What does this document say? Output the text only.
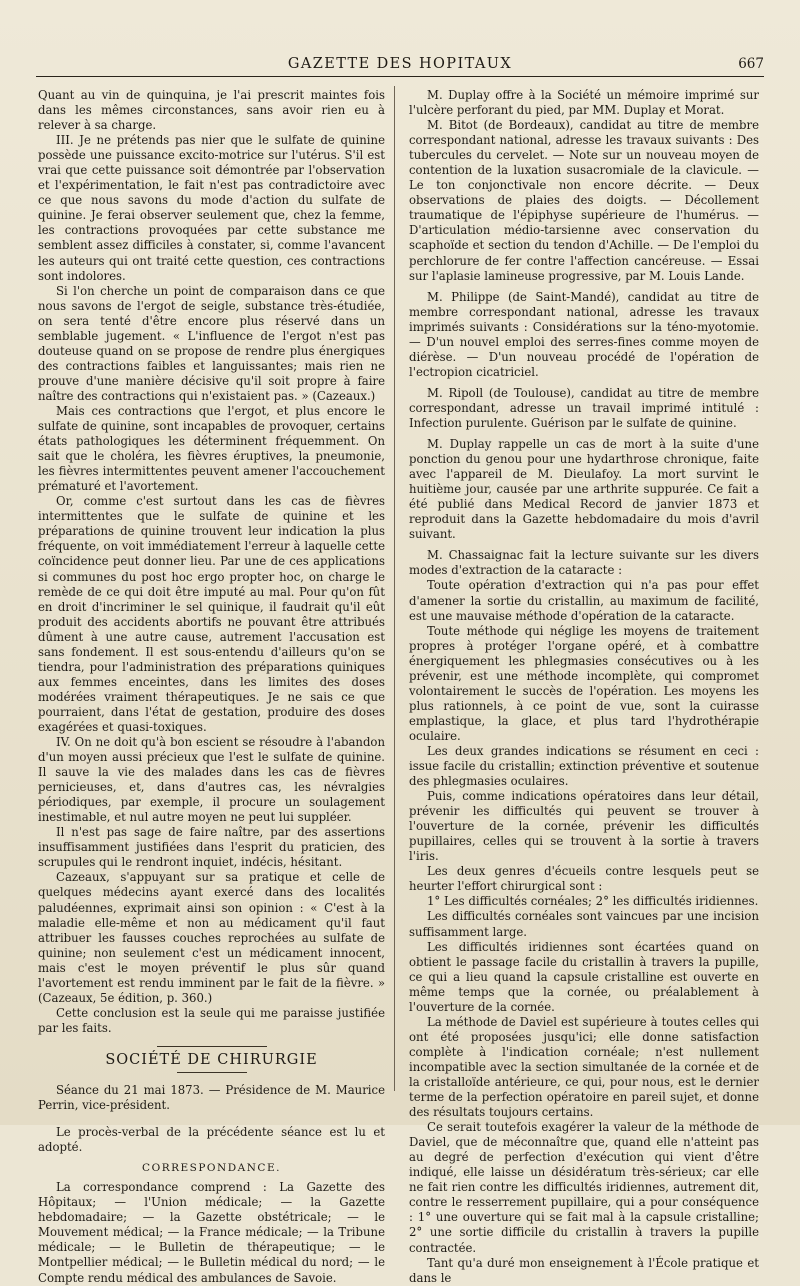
GAZETTE DES HOPITAUX	667

Quant au vin de quinquina, je l'ai prescrit maintes fois dans les mêmes circonstances, sans avoir rien eu à relever à sa charge.

III. Je ne prétends pas nier que le sulfate de quinine possède une puissance excito-motrice sur l'utérus. S'il est vrai que cette puissance soit démontrée par l'observation et l'expérimentation, le fait n'est pas contradictoire avec ce que nous savons du mode d'action du sulfate de quinine. Je ferai observer seulement que, chez la femme, les contractions provoquées par cette substance me semblent assez difficiles à constater, si, comme l'avancent les auteurs qui ont traité cette question, ces contractions sont indolores.

Si l'on cherche un point de comparaison dans ce que nous savons de l'ergot de seigle, substance très-étudiée, on sera tenté d'être encore plus réservé dans un semblable jugement. « L'influence de l'ergot n'est pas douteuse quand on se propose de rendre plus énergiques des contractions faibles et languissantes; mais rien ne prouve d'une manière décisive qu'il soit propre à faire naître des contractions qui n'existaient pas. » (Cazeaux.)

Mais ces contractions que l'ergot, et plus encore le sulfate de quinine, sont incapables de provoquer, certains états pathologiques les déterminent fréquemment. On sait que le choléra, les fièvres éruptives, la pneumonie, les fièvres intermittentes peuvent amener l'accouchement prématuré et l'avortement.

Or, comme c'est surtout dans les cas de fièvres intermittentes que le sulfate de quinine et les préparations de quinine trouvent leur indication la plus fréquente, on voit immédiatement l'erreur à laquelle cette coïncidence peut donner lieu. Par une de ces applications si communes du post hoc ergo propter hoc, on charge le remède de ce qui doit être imputé au mal. Pour qu'on fût en droit d'incriminer le sel quinique, il faudrait qu'il eût produit des accidents abortifs ne pouvant être attribués dûment à une autre cause, autrement l'accusation est sans fondement. Il est sous-entendu d'ailleurs qu'on se tiendra, pour l'administration des préparations quiniques aux femmes enceintes, dans les limites des doses modérées vraiment thérapeutiques. Je ne sais ce que pourraient, dans l'état de gestation, produire des doses exagérées et quasi-toxiques.

IV. On ne doit qu'à bon escient se résoudre à l'abandon d'un moyen aussi précieux que l'est le sulfate de quinine. Il sauve la vie des malades dans les cas de fièvres pernicieuses, et, dans d'autres cas, les névralgies périodiques, par exemple, il procure un soulagement inestimable, et nul autre moyen ne peut lui suppléer.

Il n'est pas sage de faire naître, par des assertions insuffisamment justifiées dans l'esprit du praticien, des scrupules qui le rendront inquiet, indécis, hésitant.

Cazeaux, s'appuyant sur sa pratique et celle de quelques médecins ayant exercé dans des localités paludéennes, exprimait ainsi son opinion : « C'est à la maladie elle-même et non au médicament qu'il faut attribuer les fausses couches reprochées au sulfate de quinine; non seulement c'est un médicament innocent, mais c'est le moyen préventif le plus sûr quand l'avortement est rendu imminent par le fait de la fièvre. » (Cazeaux, 5e édition, p. 360.)

Cette conclusion est la seule qui me paraisse justifiée par les faits.

SOCIÉTÉ DE CHIRURGIE

Séance du 21 mai 1873. — Présidence de M. Maurice Perrin, vice-président.

Le procès-verbal de la précédente séance est lu et adopté.

CORRESPONDANCE.

La correspondance comprend : La Gazette des Hôpitaux; — l'Union médicale; — la Gazette hebdomadaire; — la Gazette obstétricale; — le Mouvement médical; — la France médicale; — la Tribune médicale; — le Bulletin de thérapeutique; — le Montpellier médical; — le Bulletin médical du nord; — le Compte rendu médical des ambulances de Savoie.

M. Duplay offre à la Société un mémoire imprimé sur l'ulcère perforant du pied, par MM. Duplay et Morat.

M. Bitot (de Bordeaux), candidat au titre de membre correspondant national, adresse les travaux suivants : Des tubercules du cervelet. — Note sur un nouveau moyen de contention de la luxation susacromiale de la clavicule. — Le ton conjonctivale non encore décrite. — Deux observations de plaies des doigts. — Décollement traumatique de l'épiphyse supérieure de l'humérus. — D'articulation médio-tarsienne avec conservation du scaphoïde et section du tendon d'Achille. — De l'emploi du perchlorure de fer contre l'affection cancéreuse. — Essai sur l'aplasie lamineuse progressive, par M. Louis Lande.

M. Philippe (de Saint-Mandé), candidat au titre de membre correspondant national, adresse les travaux imprimés suivants : Considérations sur la téno-myotomie. — D'un nouvel emploi des serres-fines comme moyen de diérèse. — D'un nouveau procédé de l'opération de l'ectropion cicatriciel.

M. Ripoll (de Toulouse), candidat au titre de membre correspondant, adresse un travail imprimé intitulé : Infection purulente. Guérison par le sulfate de quinine.

M. Duplay rappelle un cas de mort à la suite d'une ponction du genou pour une hydarthrose chronique, faite avec l'appareil de M. Dieulafoy. La mort survint le huitième jour, causée par une arthrite suppurée. Ce fait a été publié dans Medical Record de janvier 1873 et reproduit dans la Gazette hebdomadaire du mois d'avril suivant.

M. Chassaignac fait la lecture suivante sur les divers modes d'extraction de la cataracte :

Toute opération d'extraction qui n'a pas pour effet d'amener la sortie du cristallin, au maximum de facilité, est une mauvaise méthode d'opération de la cataracte.

Toute méthode qui néglige les moyens de traitement propres à protéger l'organe opéré, et à combattre énergiquement les phlegmasies consécutives ou à les prévenir, est une méthode incomplète, qui compromet volontairement le succès de l'opération. Les moyens les plus rationnels, à ce point de vue, sont la cuirasse emplastique, la glace, et plus tard l'hydrothérapie oculaire.

Les deux grandes indications se résument en ceci : issue facile du cristallin; extinction préventive et soutenue des phlegmasies oculaires.

Puis, comme indications opératoires dans leur détail, prévenir les difficultés qui peuvent se trouver à l'ouverture de la cornée, prévenir les difficultés pupillaires, celles qui se trouvent à la sortie à travers l'iris.

Les deux genres d'écueils contre lesquels peut se heurter l'effort chirurgical sont :

1° Les difficultés cornéales; 2° les difficultés iridiennes.

Les difficultés cornéales sont vaincues par une incision suffisamment large.

Les difficultés iridiennes sont écartées quand on obtient le passage facile du cristallin à travers la pupille, ce qui a lieu quand la capsule cristalline est ouverte en même temps que la cornée, ou préalablement à l'ouverture de la cornée.

La méthode de Daviel est supérieure à toutes celles qui ont été proposées jusqu'ici; elle donne satisfaction complète à l'indication cornéale; n'est nullement incompatible avec la section simultanée de la cornée et de la cristalloïde antérieure, ce qui, pour nous, est le dernier terme de la perfection opératoire en pareil sujet, et donne des résultats toujours certains.

Ce serait toutefois exagérer la valeur de la méthode de Daviel, que de méconnaître que, quand elle n'atteint pas au degré de perfection d'exécution qui vient d'être indiqué, elle laisse un désidératum très-sérieux; car elle ne fait rien contre les difficultés iridiennes, autrement dit, contre le resserrement pupillaire, qui a pour conséquence : 1° une ouverture qui se fait mal à la capsule cristalline; 2° une sortie difficile du cristallin à travers la pupille contractée.

Tant qu'a duré mon enseignement à l'École pratique et dans le
